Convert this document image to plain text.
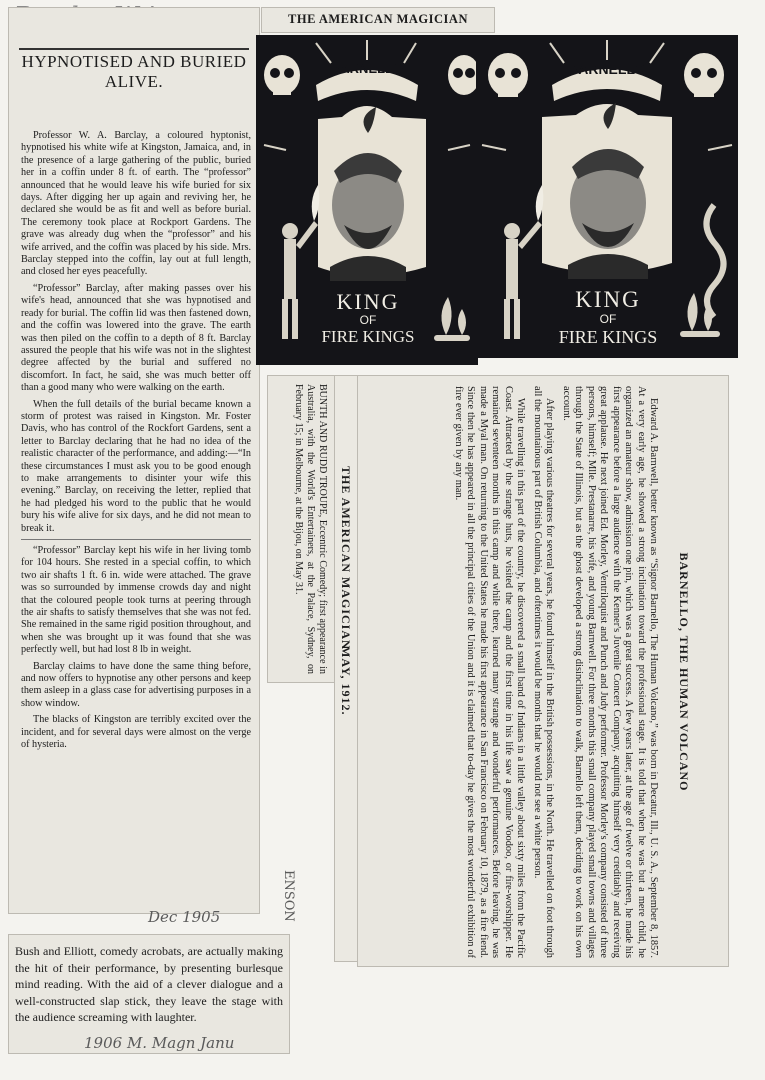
HYPNOTISED AND BURIED ALIVE.

Professor W. A. Barclay, a coloured hyptonist, hypnotised his white wife at Kingston, Jamaica, and, in the presence of a large gathering of the public, buried her in a coffin under 8 ft. of earth. The “professor” announced that he would leave his wife buried for six days. After digging her up again and reviving her, he declared she would be as fit and well as before burial. The ceremony took place at Rockport Gardens. The grave was already dug when the “professor” and his wife arrived, and the coffin was placed by his side. Mrs. Barclay stepped into the coffin, lay out at full length, and closed her eyes peacefully.

“Professor” Barclay, after making passes over his wife's head, announced that she was hypnotised and ready for burial. The coffin lid was then fastened down, and the coffin was lowered into the grave. The earth was then piled on the coffin to a depth of 8 ft. Barclay assured the people that his wife was not in the slightest degree affected by the burial and suffered no discomfort. In fact, he said, she was much better off than a good many who were walking on the earth.

When the full details of the burial became known a storm of protest was raised in Kingston. Mr. Foster Davis, who has control of the Rockfort Gardens, sent a letter to Barclay declaring that he had no idea of the realistic character of the performance, and adding:—“In these circumstances I must ask you to be good enough to make arrangements to disinter your wife this evening.” Barclay, on receiving the letter, replied that he had pledged his word to the public that he would bury his wife alive for six days, and he did not mean to break it.

“Professor” Barclay kept his wife in her living tomb for 104 hours. She rested in a special coffin, to which two air shafts 1 ft. 6 in. wide were attached. The grave was so surrounded by immense crowds day and night that the coloured people took turns at peering through the air shafts to satisfy themselves that she was not fed. She remained in the same rigid position throughout, and when she was brought up it was found that she was perfectly well, but had lost 8 lb in weight.

Barclay claims to have done the same thing before, and now offers to hypnotise any other persons and keep them asleep in a glass case for advertising purposes in a show window.

The blacks of Kingston are terribly excited over the incident, and for several days were almost on the verge of hysteria.

Dec 1905
THE AMERICAN MAGICIAN
BARNELLO
KING
OF
FIRE KINGS
BARNELLO
KING
OF
FIRE KINGS
BUNTH AND RUDD TROUPE, Eccentric Comedy; first appearance in Australia, with the World's Entertainers, at the Palace, Sydney, on February 15; in Melbourne, at the Bijou, on May 31.	THE AMERICAN MAGICIAN
MAY, 1912.	BARNELLO, THE HUMAN VOLCANO

Edward A. Barnwell, better known as “Signor Barnello, The Human Volcano,” was born in Decatur, Ill., U. S. A., September 8, 1857. At a very early age, he showed a strong inclination toward the professional stage. It is told that when he was but a mere child, he organized an amateur show, admission one pin, which was a great success. A few years later, at the age of twelve or thirteen, he made his first appearance before a large audience with the Kenner's Juvenile Concert Company, acquitting himself very creditably and receiving great applause. He next joined Ed. Morley, Ventriloquist and Punch and Judy performer. Professor Morley's company consisted of three persons, himself; Mlle. Prestanarre, his wife, and young Barnwell. For three months this small company played small towns and villages through the State of Illinois, but as the ghost developed a strong disinclination to walk, Barnello left them, deciding to work on his own account.

After playing various theatres for several years, he found himself in the British possessions, in the North. He travelled on foot through all the mountainous part of British Columbia, and oftentimes it would be months that he would not see a white person.

While travelling in this part of the country, he discovered a small band of Indians in a little valley about sixty miles from the Pacific Coast. Attracted by the strange huts, he visited the camp and the first time in his life saw a genuine Voodoo, or fire-worshipper. He remained seventeen months in this camp and while there, learned many strange and wonderful performances. Before leaving, he was made a Myal man. On returning to the United States he made his first appearance in San Francisco on February 10, 1879, as a fire fiend. Since then he has appeared in all the principal cities of the Union and it is claimed that to-day he gives the most wonderful exhibition of fire ever given by any man.

ENSON
Bush and Elliott, comedy acrobats, are actually making the hit of their performance, by presenting burlesque mind reading. With the aid of a clever dialogue and a well-constructed slap stick, they leave the stage with the audience screaming with laughter.
1906 M. Magn Janu
